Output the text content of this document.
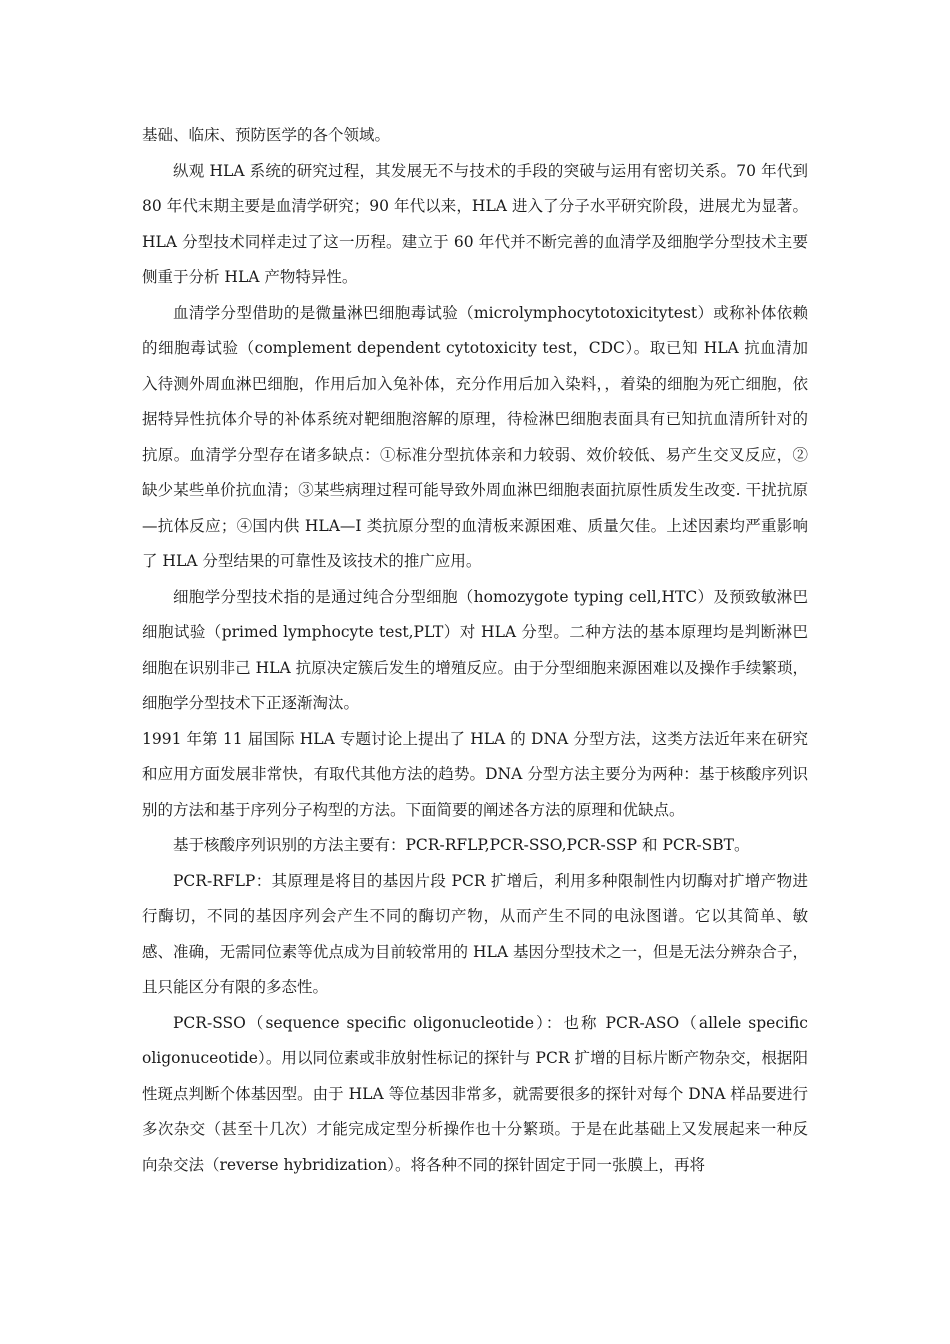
基础、临床、预防医学的各个领域。

纵观 HLA 系统的研究过程，其发展无不与技术的手段的突破与运用有密切关系。70 年代到 80 年代末期主要是血清学研究；90 年代以来，HLA 进入了分子水平研究阶段，进展尤为显著。HLA 分型技术同样走过了这一历程。建立于 60 年代并不断完善的血清学及细胞学分型技术主要侧重于分析 HLA 产物特异性。

血清学分型借助的是微量淋巴细胞毒试验（microlymphocytotoxicitytest）或称补体依赖的细胞毒试验（complement dependent cytotoxicity test，CDC）。取已知 HLA 抗血清加入待测外周血淋巴细胞，作用后加入兔补体，充分作用后加入染料，，着染的细胞为死亡细胞，依据特异性抗体介导的补体系统对靶细胞溶解的原理，待检淋巴细胞表面具有已知抗血清所针对的抗原。血清学分型存在诸多缺点：①标准分型抗体亲和力较弱、效价较低、易产生交叉反应，②缺少某些单价抗血清；③某些病理过程可能导致外周血淋巴细胞表面抗原性质发生改变. 干扰抗原—抗体反应；④国内供 HLA—I 类抗原分型的血清板来源困难、质量欠佳。上述因素均严重影响了 HLA 分型结果的可靠性及该技术的推广应用。

细胞学分型技术指的是通过纯合分型细胞（homozygote typing cell,HTC）及预致敏淋巴细胞试验（primed lymphocyte test,PLT）对 HLA 分型。二种方法的基本原理均是判断淋巴细胞在识别非己 HLA 抗原决定簇后发生的增殖反应。由于分型细胞来源困难以及操作手续繁琐，细胞学分型技术下正逐渐淘汰。

1991 年第 11 届国际 HLA 专题讨论上提出了 HLA 的 DNA 分型方法，这类方法近年来在研究和应用方面发展非常快，有取代其他方法的趋势。DNA 分型方法主要分为两种：基于核酸序列识别的方法和基于序列分子构型的方法。下面简要的阐述各方法的原理和优缺点。

基于核酸序列识别的方法主要有：PCR-RFLP,PCR-SSO,PCR-SSP 和 PCR-SBT。

PCR-RFLP：其原理是将目的基因片段 PCR 扩增后，利用多种限制性内切酶对扩增产物进行酶切，不同的基因序列会产生不同的酶切产物，从而产生不同的电泳图谱。它以其简单、敏感、准确，无需同位素等优点成为目前较常用的 HLA 基因分型技术之一，但是无法分辨杂合子，且只能区分有限的多态性。

PCR-SSO（sequence specific oligonucleotide）：也称 PCR-ASO（allele specific oligonuceotide）。用以同位素或非放射性标记的探针与 PCR 扩增的目标片断产物杂交，根据阳性斑点判断个体基因型。由于 HLA 等位基因非常多，就需要很多的探针对每个 DNA 样品要进行多次杂交（甚至十几次）才能完成定型分析操作也十分繁琐。于是在此基础上又发展起来一种反向杂交法（reverse hybridization）。将各种不同的探针固定于同一张膜上，再将
